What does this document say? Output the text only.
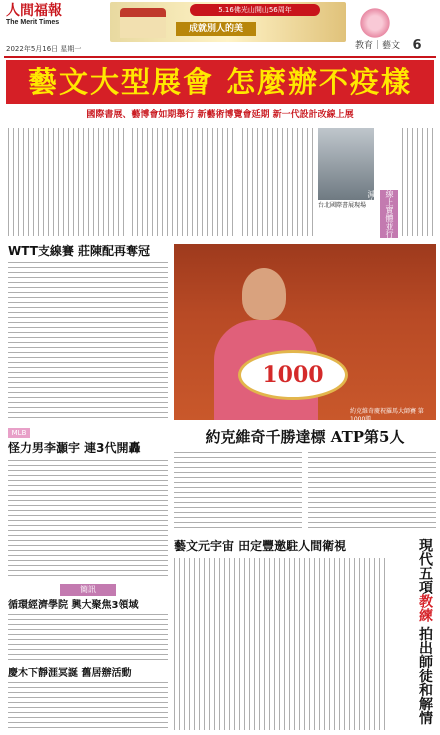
人間福報
The Merit Times
5.16佛光山開山56周年
成就別人的美
2022年5月16日 星期一	教育｜藝文 6
藝文大型展會 怎麼辦不疫樣
國際書展、藝博會如期舉行 新藝術博覽會延期 新一代設計改線上展
台北國際書展現場	線上實體並行 減少疫情損失
WTT支線賽 莊陳配再奪冠
MLB
怪力男李灝宇 連3代開轟
簡訊
循環經濟學院 興大聚焦3領域
慶木下靜涯冥誕 舊居辦活動
1000
約克維奇慶祝羅馬大師賽 第1000勝
約克維奇千勝達標 ATP第5人
藝文元宇宙 田定豐邀駐人間衛視	現代五項教練 拍出師徒和解情
